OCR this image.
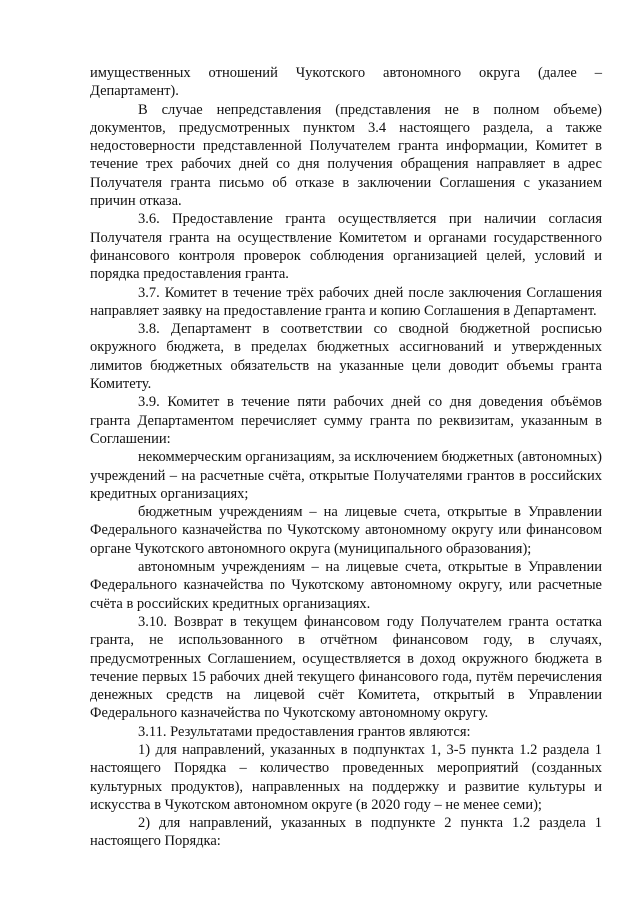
имущественных отношений Чукотского автономного округа (далее – Департамент).

В случае непредставления (представления не в полном объеме) документов, предусмотренных пунктом 3.4 настоящего раздела, а также недостоверности представленной Получателем гранта информации, Комитет в течение трех рабочих дней со дня получения обращения направляет в адрес Получателя гранта письмо об отказе в заключении Соглашения с указанием причин отказа.

3.6. Предоставление гранта осуществляется при наличии согласия Получателя гранта на осуществление Комитетом и органами государственного финансового контроля проверок соблюдения организацией целей, условий и порядка предоставления гранта.

3.7. Комитет в течение трёх рабочих дней после заключения Соглашения направляет заявку на предоставление гранта и копию Соглашения в Департамент.

3.8. Департамент в соответствии со сводной бюджетной росписью окружного бюджета, в пределах бюджетных ассигнований и утвержденных лимитов бюджетных обязательств на указанные цели доводит объемы гранта Комитету.

3.9. Комитет в течение пяти рабочих дней со дня доведения объёмов гранта Департаментом перечисляет сумму гранта по реквизитам, указанным в Соглашении:

некоммерческим организациям, за исключением бюджетных (автономных) учреждений – на расчетные счёта, открытые Получателями грантов в российских кредитных организациях;

бюджетным учреждениям – на лицевые счета, открытые в Управлении Федерального казначейства по Чукотскому автономному округу или финансовом органе Чукотского автономного округа (муниципального образования);

автономным учреждениям – на лицевые счета, открытые в Управлении Федерального казначейства по Чукотскому автономному округу, или расчетные счёта в российских кредитных организациях.

3.10. Возврат в текущем финансовом году Получателем гранта остатка гранта, не использованного в отчётном финансовом году, в случаях, предусмотренных Соглашением, осуществляется в доход окружного бюджета в течение первых 15 рабочих дней текущего финансового года, путём перечисления денежных средств на лицевой счёт Комитета, открытый в Управлении Федерального казначейства по Чукотскому автономному округу.

3.11. Результатами предоставления грантов являются:

1) для направлений, указанных в подпунктах 1, 3-5 пункта 1.2 раздела 1 настоящего Порядка – количество проведенных мероприятий (созданных культурных продуктов), направленных на поддержку и развитие культуры и искусства в Чукотском автономном округе (в 2020 году – не менее семи);

2) для направлений, указанных в подпункте 2 пункта 1.2 раздела 1 настоящего Порядка:
